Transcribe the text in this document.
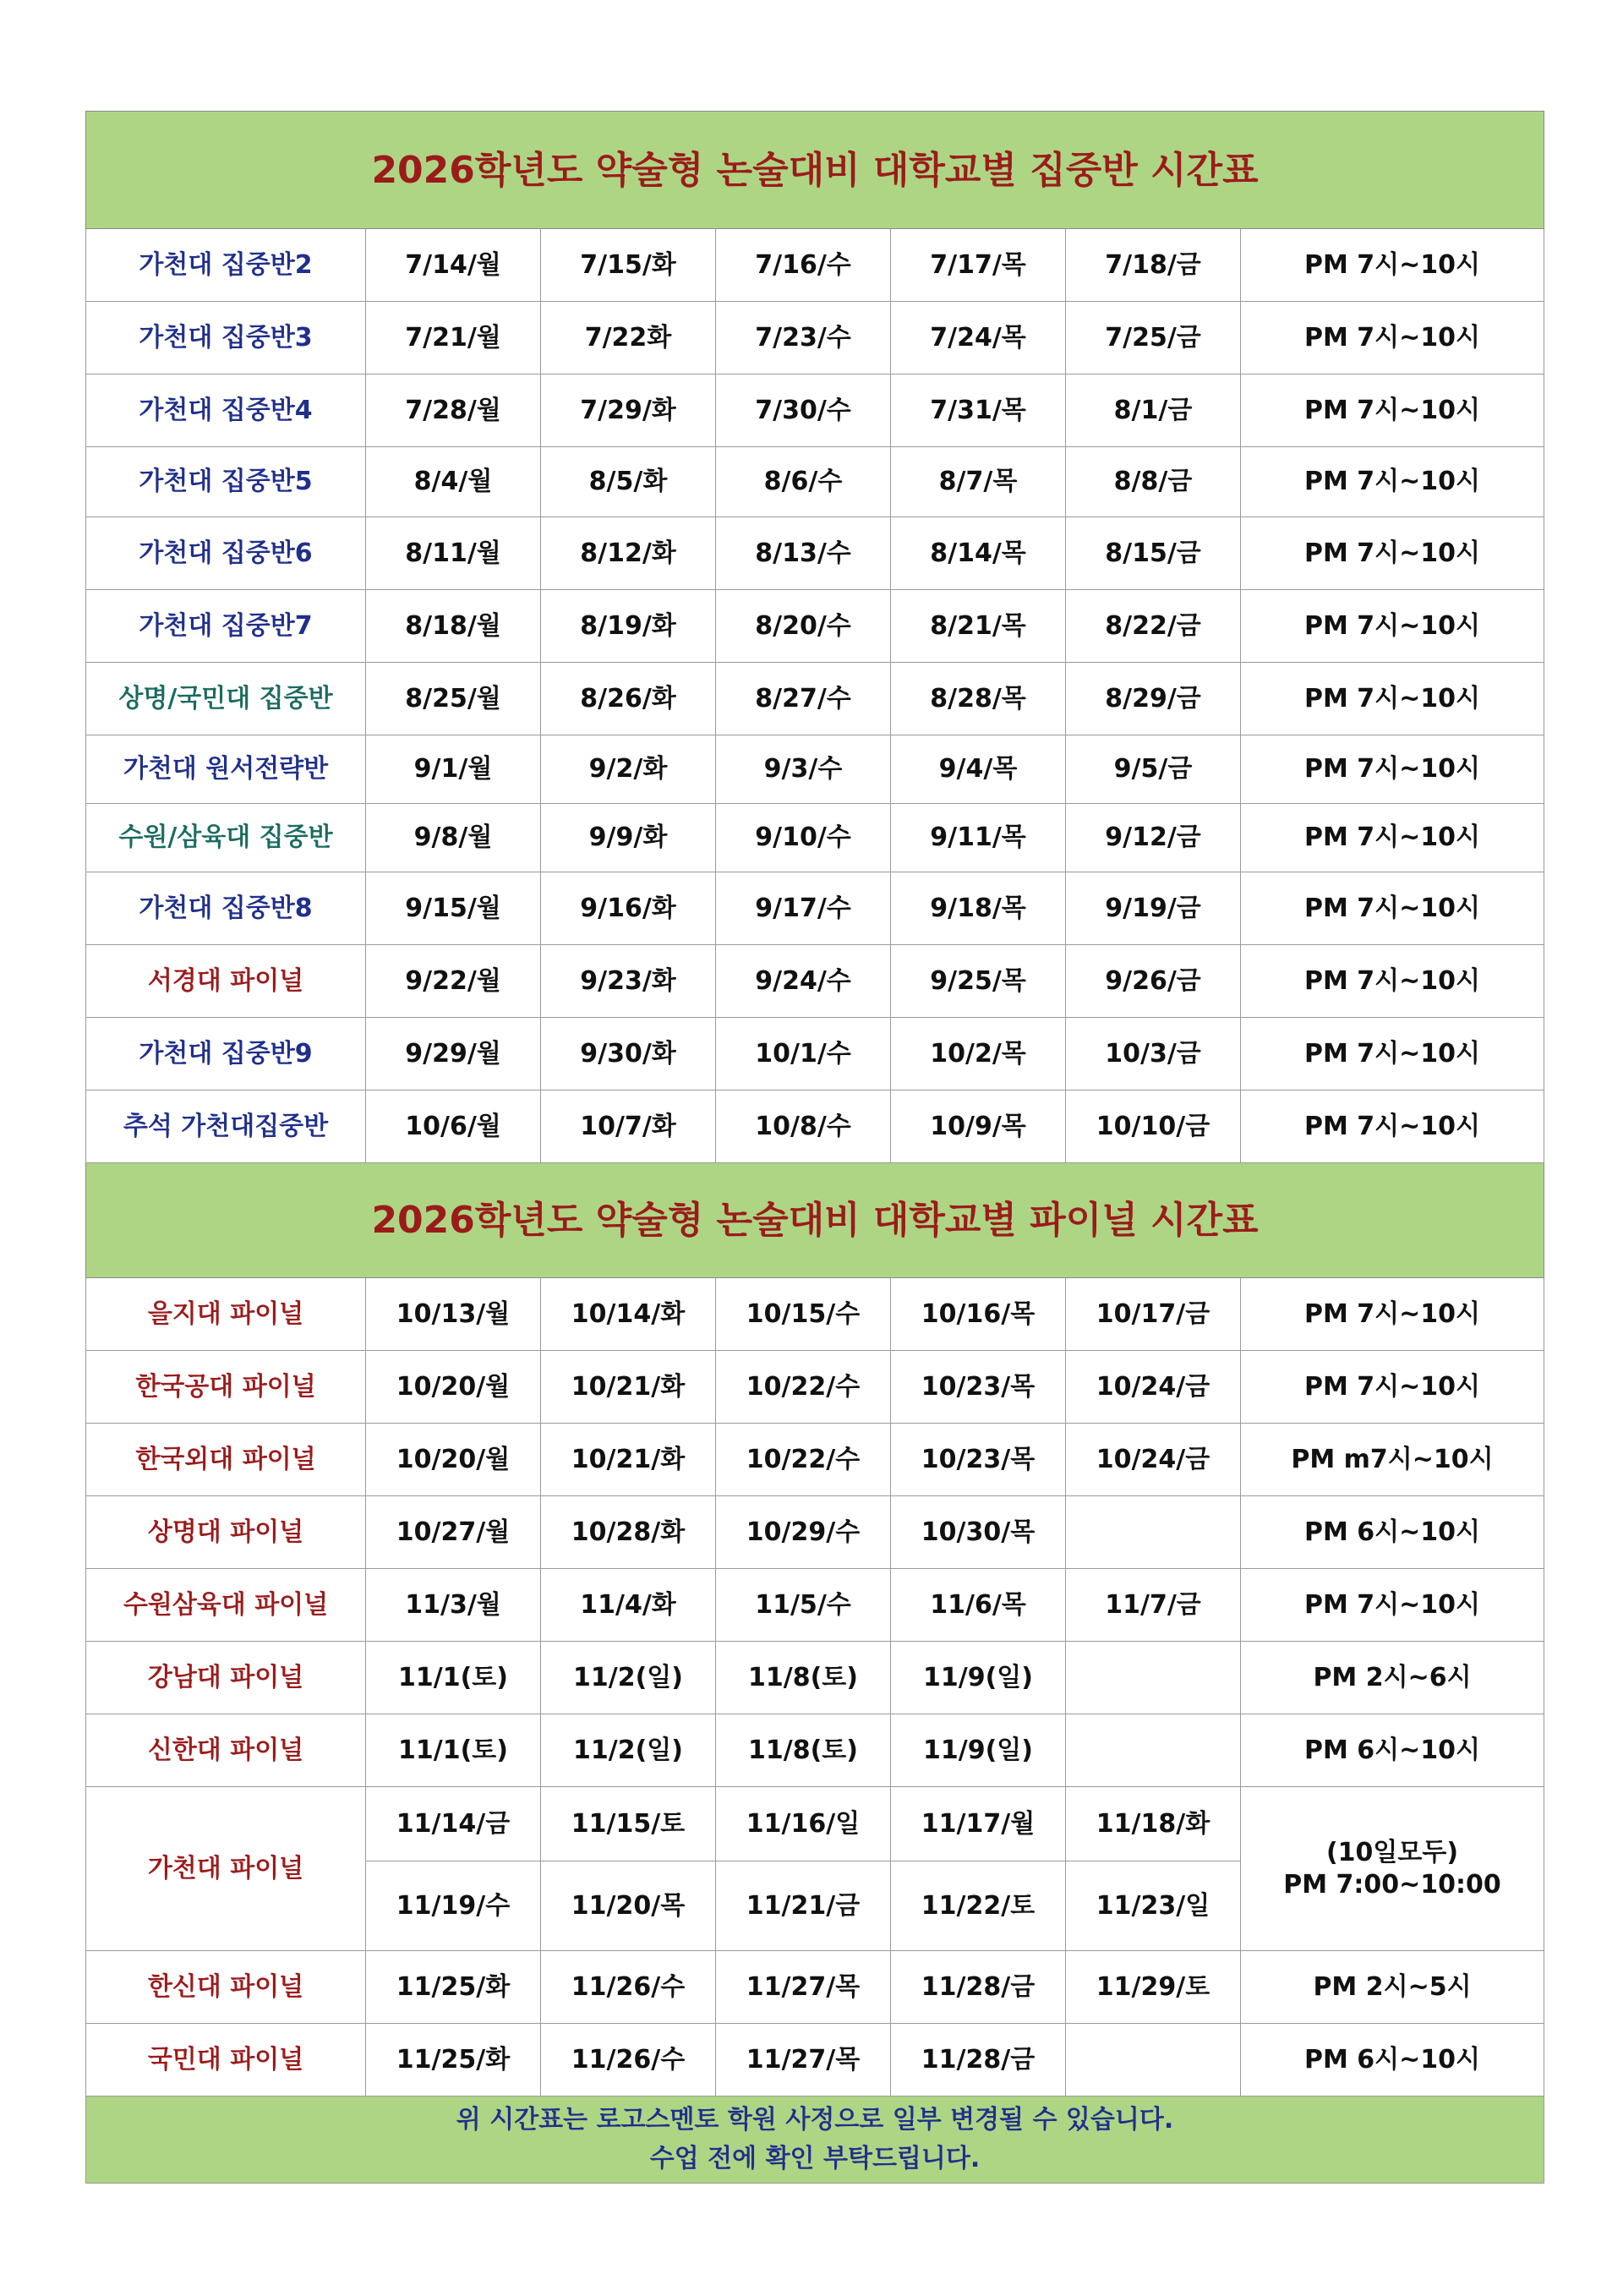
2026학년도 약술형 논술대비 대학교별 집중반 시간표						
가천대 집중반2	7/14/월	7/15/화	7/16/수	7/17/목	7/18/금	PM 7시~10시
가천대 집중반3	7/21/월	7/22화	7/23/수	7/24/목	7/25/금	PM 7시~10시
가천대 집중반4	7/28/월	7/29/화	7/30/수	7/31/목	8/1/금	PM 7시~10시
가천대 집중반5	8/4/월	8/5/화	8/6/수	8/7/목	8/8/금	PM 7시~10시
가천대 집중반6	8/11/월	8/12/화	8/13/수	8/14/목	8/15/금	PM 7시~10시
가천대 집중반7	8/18/월	8/19/화	8/20/수	8/21/목	8/22/금	PM 7시~10시
상명/국민대 집중반	8/25/월	8/26/화	8/27/수	8/28/목	8/29/금	PM 7시~10시
가천대 원서전략반	9/1/월	9/2/화	9/3/수	9/4/목	9/5/금	PM 7시~10시
수원/삼육대 집중반	9/8/월	9/9/화	9/10/수	9/11/목	9/12/금	PM 7시~10시
가천대 집중반8	9/15/월	9/16/화	9/17/수	9/18/목	9/19/금	PM 7시~10시
서경대 파이널	9/22/월	9/23/화	9/24/수	9/25/목	9/26/금	PM 7시~10시
가천대 집중반9	9/29/월	9/30/화	10/1/수	10/2/목	10/3/금	PM 7시~10시
추석 가천대집중반	10/6/월	10/7/화	10/8/수	10/9/목	10/10/금	PM 7시~10시
2026학년도 약술형 논술대비 대학교별 파이널 시간표						
을지대 파이널	10/13/월	10/14/화	10/15/수	10/16/목	10/17/금	PM 7시~10시
한국공대 파이널	10/20/월	10/21/화	10/22/수	10/23/목	10/24/금	PM 7시~10시
한국외대 파이널	10/20/월	10/21/화	10/22/수	10/23/목	10/24/금	PM m7시~10시
상명대 파이널	10/27/월	10/28/화	10/29/수	10/30/목		PM 6시~10시
수원삼육대 파이널	11/3/월	11/4/화	11/5/수	11/6/목	11/7/금	PM 7시~10시
강남대 파이널	11/1(토)	11/2(일)	11/8(토)	11/9(일)		PM 2시~6시
신한대 파이널	11/1(토)	11/2(일)	11/8(토)	11/9(일)		PM 6시~10시
가천대 파이널	11/14/금	11/15/토	11/16/일	11/17/월	11/18/화	(10일모두)
PM 7:00~10:00

	11/19/수	11/20/목	11/21/금	11/22/토	11/23/일	
한신대 파이널	11/25/화	11/26/수	11/27/목	11/28/금	11/29/토	PM 2시~5시
국민대 파이널	11/25/화	11/26/수	11/27/목	11/28/금		PM 6시~10시

위 시간표는 로고스멘토 학원 사정으로 일부 변경될 수 있습니다.
수업 전에 확인 부탁드립니다.						
